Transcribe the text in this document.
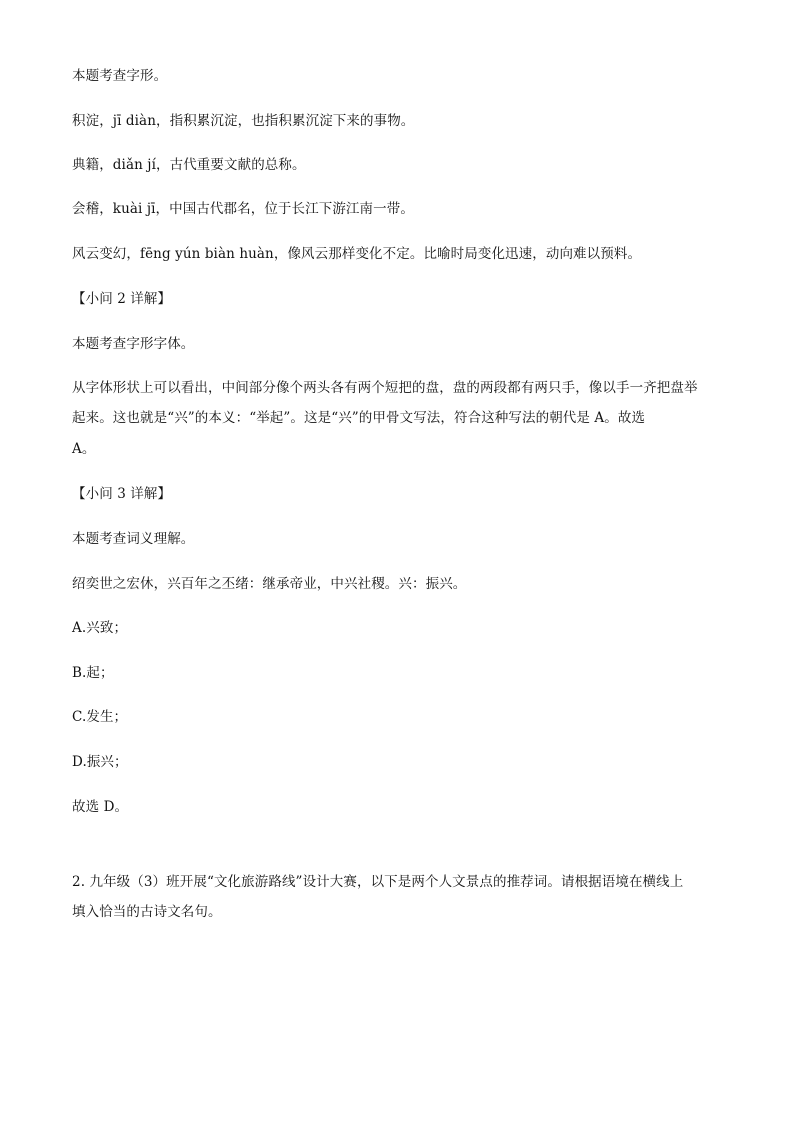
本题考查字形。
积淀，jī diàn，指积累沉淀，也指积累沉淀下来的事物。
典籍，diǎn jí，古代重要文献的总称。
会稽，kuài jī，中国古代郡名，位于长江下游江南一带。
风云变幻，fēng yún biàn huàn，像风云那样变化不定。比喻时局变化迅速，动向难以预料。
【小问 2 详解】
本题考查字形字体。
从字体形状上可以看出，中间部分像个两头各有两个短把的盘，盘的两段都有两只手，像以手一齐把盘举
起来。这也就是“兴”的本义：“举起”。这是“兴”的甲骨文写法，符合这种写法的朝代是 A。故选
A。
【小问 3 详解】
本题考查词义理解。
绍奕世之宏休，兴百年之丕绪：继承帝业，中兴社稷。兴：振兴。
A.兴致；
B.起；
C.发生；
D.振兴；
故选 D。
2. 九年级（3）班开展“文化旅游路线”设计大赛，以下是两个人文景点的推荐词。请根据语境在横线上
填入恰当的古诗文名句。
